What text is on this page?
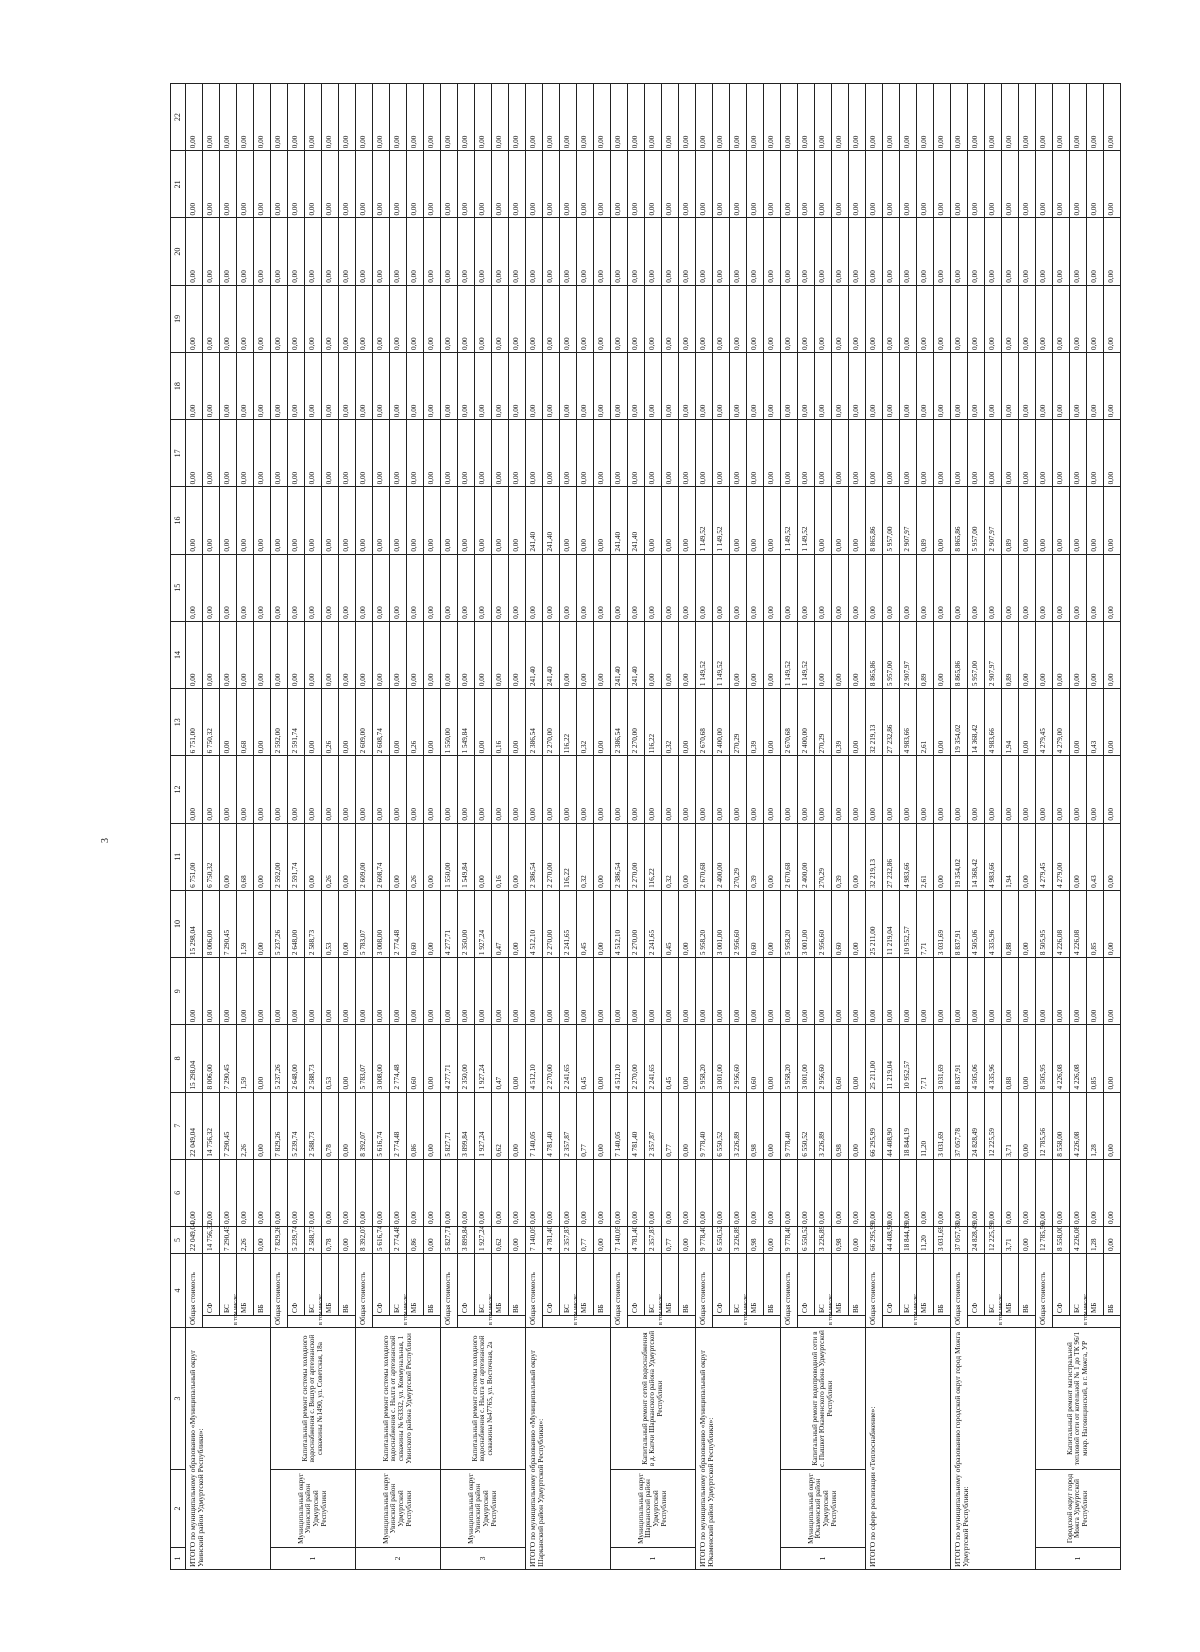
3
1	2	3	4		5	6	7	8	9	10	11	12	13	14	15	16	17	18	19	20	21	22
ИТОГО по муниципальному образованию «Муниципальный округ Увинский район Удмуртской Республики»:			Общая стоимость		22 049,04	0,00	22 049,04	15 298,04	0,00	15 298,04	6 751,00	0,00	6 751,00	0,00	0,00	0,00	0,00	0,00	0,00	0,00	0,00	0,00
			в том числе:	СФ	14 756,32	0,00	14 756,32	8 006,00	0,00	8 006,00	6 750,32	0,00	6 750,32	0,00	0,00	0,00	0,00	0,00	0,00	0,00	0,00	0,00
				БС	7 290,45	0,00	7 290,45	7 290,45	0,00	7 290,45	0,00	0,00	0,00	0,00	0,00	0,00	0,00	0,00	0,00	0,00	0,00	0,00
				МБ	2,26	0,00	2,26	1,59	0,00	1,59	0,68	0,00	0,68	0,00	0,00	0,00	0,00	0,00	0,00	0,00	0,00	0,00
				ВБ	0,00	0,00	0,00	0,00	0,00	0,00	0,00	0,00	0,00	0,00	0,00	0,00	0,00	0,00	0,00	0,00	0,00	0,00
1	Муниципальный округ Увинский район Удмуртской Республики	Капитальный ремонт системы холодного водоснабжения с. Вишур от артезианской скважины №1490, ул. Советская, 18а	Общая стоимость		7 829,26	0,00	7 829,26	5 237,26	0,00	5 237,26	2 592,00	0,00	2 592,00	0,00	0,00	0,00	0,00	0,00	0,00	0,00	0,00	0,00
			в том числе:	СФ	5 239,74	0,00	5 239,74	2 648,00	0,00	2 648,00	2 591,74	0,00	2 591,74	0,00	0,00	0,00	0,00	0,00	0,00	0,00	0,00	0,00
				БС	2 588,73	0,00	2 588,73	2 588,73	0,00	2 588,73	0,00	0,00	0,00	0,00	0,00	0,00	0,00	0,00	0,00	0,00	0,00	0,00
				МБ	0,78	0,00	0,78	0,53	0,00	0,53	0,26	0,00	0,26	0,00	0,00	0,00	0,00	0,00	0,00	0,00	0,00	0,00
				ВБ	0,00	0,00	0,00	0,00	0,00	0,00	0,00	0,00	0,00	0,00	0,00	0,00	0,00	0,00	0,00	0,00	0,00	0,00
2	Муниципальный округ Увинский район Удмуртской Республики	Капитальный ремонт системы холодного водоснабжения с. Нылга от артезианской скважины № 63332, ул. Коммунальная, 1 Увинского района Удмуртской Республики	Общая стоимость		8 392,07	0,00	8 392,07	5 783,07	0,00	5 783,07	2 609,00	0,00	2 609,00	0,00	0,00	0,00	0,00	0,00	0,00	0,00	0,00	0,00
			в том числе:	СФ	5 616,74	0,00	5 616,74	3 008,00	0,00	3 008,00	2 608,74	0,00	2 608,74	0,00	0,00	0,00	0,00	0,00	0,00	0,00	0,00	0,00
				БС	2 774,48	0,00	2 774,48	2 774,48	0,00	2 774,48	0,00	0,00	0,00	0,00	0,00	0,00	0,00	0,00	0,00	0,00	0,00	0,00
				МБ	0,86	0,00	0,86	0,60	0,00	0,60	0,26	0,00	0,26	0,00	0,00	0,00	0,00	0,00	0,00	0,00	0,00	0,00
				ВБ	0,00	0,00	0,00	0,00	0,00	0,00	0,00	0,00	0,00	0,00	0,00	0,00	0,00	0,00	0,00	0,00	0,00	0,00
3	Муниципальный округ Увинский район Удмуртской Республики	Капитальный ремонт системы холодного водоснабжения с. Нылга от артезианской скважины №47765, ул. Восточная, 2а	Общая стоимость		5 827,71	0,00	5 827,71	4 277,71	0,00	4 277,71	1 550,00	0,00	1 550,00	0,00	0,00	0,00	0,00	0,00	0,00	0,00	0,00	0,00
			в том числе:	СФ	3 899,84	0,00	3 899,84	2 350,00	0,00	2 350,00	1 549,84	0,00	1 549,84	0,00	0,00	0,00	0,00	0,00	0,00	0,00	0,00	0,00
				БС	1 927,24	0,00	1 927,24	1 927,24	0,00	1 927,24	0,00	0,00	0,00	0,00	0,00	0,00	0,00	0,00	0,00	0,00	0,00	0,00
				МБ	0,62	0,00	0,62	0,47	0,00	0,47	0,16	0,00	0,16	0,00	0,00	0,00	0,00	0,00	0,00	0,00	0,00	0,00
				ВБ	0,00	0,00	0,00	0,00	0,00	0,00	0,00	0,00	0,00	0,00	0,00	0,00	0,00	0,00	0,00	0,00	0,00	0,00
ИТОГО по муниципальному образованию «Муниципальный округ Шарканский район Удмуртской Республики»:			Общая стоимость		7 140,05	0,00	7 140,05	4 512,10	0,00	4 512,10	2 386,54	0,00	2 386,54	241,40	0,00	241,40	0,00	0,00	0,00	0,00	0,00	0,00
			в том числе:	СФ	4 781,40	0,00	4 781,40	2 270,00	0,00	2 270,00	2 270,00	0,00	2 270,00	241,40	0,00	241,40	0,00	0,00	0,00	0,00	0,00	0,00
				БС	2 357,87	0,00	2 357,87	2 241,65	0,00	2 241,65	116,22	0,00	116,22	0,00	0,00	0,00	0,00	0,00	0,00	0,00	0,00	0,00
				МБ	0,77	0,00	0,77	0,45	0,00	0,45	0,32	0,00	0,32	0,00	0,00	0,00	0,00	0,00	0,00	0,00	0,00	0,00
				ВБ	0,00	0,00	0,00	0,00	0,00	0,00	0,00	0,00	0,00	0,00	0,00	0,00	0,00	0,00	0,00	0,00	0,00	0,00
1	Муниципальный округ Шарканский район Удмуртской Республики	Капитальный ремонт сетей водоснабжения в д. Капчи Шарканского района Удмуртской Республики	Общая стоимость		7 140,05	0,00	7 140,05	4 512,10	0,00	4 512,10	2 386,54	0,00	2 386,54	241,40	0,00	241,40	0,00	0,00	0,00	0,00	0,00	0,00
			в том числе:	СФ	4 781,40	0,00	4 781,40	2 270,00	0,00	2 270,00	2 270,00	0,00	2 270,00	241,40	0,00	241,40	0,00	0,00	0,00	0,00	0,00	0,00
				БС	2 357,87	0,00	2 357,87	2 241,65	0,00	2 241,65	116,22	0,00	116,22	0,00	0,00	0,00	0,00	0,00	0,00	0,00	0,00	0,00
				МБ	0,77	0,00	0,77	0,45	0,00	0,45	0,32	0,00	0,32	0,00	0,00	0,00	0,00	0,00	0,00	0,00	0,00	0,00
				ВБ	0,00	0,00	0,00	0,00	0,00	0,00	0,00	0,00	0,00	0,00	0,00	0,00	0,00	0,00	0,00	0,00	0,00	0,00
ИТОГО по муниципальному образованию «Муниципальный округ Юкаменский район Удмуртской Республики»:			Общая стоимость		9 778,40	0,00	9 778,40	5 958,20	0,00	5 958,20	2 670,68	0,00	2 670,68	1 149,52	0,00	1 149,52	0,00	0,00	0,00	0,00	0,00	0,00
			в том числе:	СФ	6 550,52	0,00	6 550,52	3 001,00	0,00	3 001,00	2 400,00	0,00	2 400,00	1 149,52	0,00	1 149,52	0,00	0,00	0,00	0,00	0,00	0,00
				БС	3 226,89	0,00	3 226,89	2 956,60	0,00	2 956,60	270,29	0,00	270,29	0,00	0,00	0,00	0,00	0,00	0,00	0,00	0,00	0,00
				МБ	0,98	0,00	0,98	0,60	0,00	0,60	0,39	0,00	0,39	0,00	0,00	0,00	0,00	0,00	0,00	0,00	0,00	0,00
				ВБ	0,00	0,00	0,00	0,00	0,00	0,00	0,00	0,00	0,00	0,00	0,00	0,00	0,00	0,00	0,00	0,00	0,00	0,00
1	Муниципальный округ Юкаменский район Удмуртской Республики	Капитальный ремонт водопроводной сети в с. Пышкет Юкаменского района Удмуртской Республики	Общая стоимость		9 778,40	0,00	9 778,40	5 958,20	0,00	5 958,20	2 670,68	0,00	2 670,68	1 149,52	0,00	1 149,52	0,00	0,00	0,00	0,00	0,00	0,00
			в том числе:	СФ	6 550,52	0,00	6 550,52	3 001,00	0,00	3 001,00	2 400,00	0,00	2 400,00	1 149,52	0,00	1 149,52	0,00	0,00	0,00	0,00	0,00	0,00
				БС	3 226,89	0,00	3 226,89	2 956,60	0,00	2 956,60	270,29	0,00	270,29	0,00	0,00	0,00	0,00	0,00	0,00	0,00	0,00	0,00
				МБ	0,98	0,00	0,98	0,60	0,00	0,60	0,39	0,00	0,39	0,00	0,00	0,00	0,00	0,00	0,00	0,00	0,00	0,00
				ВБ	0,00	0,00	0,00	0,00	0,00	0,00	0,00	0,00	0,00	0,00	0,00	0,00	0,00	0,00	0,00	0,00	0,00	0,00
ИТОГО по сфере реализации «Теплоснабжение»:			Общая стоимость		66 295,99	0,00	66 295,99	25 211,00	0,00	25 211,00	32 219,13	0,00	32 219,13	8 865,86	0,00	8 865,86	0,00	0,00	0,00	0,00	0,00	0,00
			в том числе:	СФ	44 408,90	0,00	44 408,90	11 219,04	0,00	11 219,04	27 232,86	0,00	27 232,86	5 957,00	0,00	5 957,00	0,00	0,00	0,00	0,00	0,00	0,00
				БС	18 844,19	0,00	18 844,19	10 952,57	0,00	10 952,57	4 983,66	0,00	4 983,66	2 907,97	0,00	2 907,97	0,00	0,00	0,00	0,00	0,00	0,00
				МБ	11,20	0,00	11,20	7,71	0,00	7,71	2,61	0,00	2,61	0,89	0,00	0,89	0,00	0,00	0,00	0,00	0,00	0,00
				ВБ	3 031,69	0,00	3 031,69	3 031,69	0,00	3 031,69	0,00	0,00	0,00	0,00	0,00	0,00	0,00	0,00	0,00	0,00	0,00	0,00
ИТОГО по муниципальному образованию городской округ город Можга Удмуртской Республики:			Общая стоимость		37 057,78	0,00	37 057,78	8 837,91	0,00	8 837,91	19 354,02	0,00	19 354,02	8 865,86	0,00	8 865,86	0,00	0,00	0,00	0,00	0,00	0,00
			в том числе:	СФ	24 828,49	0,00	24 828,49	4 505,06	0,00	4 505,06	14 368,42	0,00	14 368,42	5 957,00	0,00	5 957,00	0,00	0,00	0,00	0,00	0,00	0,00
				БС	12 225,59	0,00	12 225,59	4 335,96	0,00	4 335,96	4 983,66	0,00	4 983,66	2 907,97	0,00	2 907,97	0,00	0,00	0,00	0,00	0,00	0,00
				МБ	3,71	0,00	3,71	0,88	0,00	0,88	1,94	0,00	1,94	0,89	0,00	0,89	0,00	0,00	0,00	0,00	0,00	0,00
				ВБ	0,00	0,00	0,00	0,00	0,00	0,00	0,00	0,00	0,00	0,00	0,00	0,00	0,00	0,00	0,00	0,00	0,00	0,00
1	Городской округ город Можга Удмуртской Республики	Капитальный ремонт магистральной тепловой сети от котельной № 1 до ТК 96/1 микр. Наговицинский, в г. Можга, УР	Общая стоимость		12 785,56	0,00	12 785,56	8 505,95	0,00	8 505,95	4 279,45	0,00	4 279,45	0,00	0,00	0,00	0,00	0,00	0,00	0,00	0,00	0,00
			в том числе:	СФ	8 558,00	0,00	8 558,00	4 226,08	0,00	4 226,08	4 279,00	0,00	4 279,00	0,00	0,00	0,00	0,00	0,00	0,00	0,00	0,00	0,00
				БС	4 226,08	0,00	4 226,08	4 226,08	0,00	4 226,08	0,00	0,00	0,00	0,00	0,00	0,00	0,00	0,00	0,00	0,00	0,00	0,00
				МБ	1,28	0,00	1,28	0,85	0,00	0,85	0,43	0,00	0,43	0,00	0,00	0,00	0,00	0,00	0,00	0,00	0,00	0,00
				ВБ	0,00	0,00	0,00	0,00	0,00	0,00	0,00	0,00	0,00	0,00	0,00	0,00	0,00	0,00	0,00	0,00	0,00	0,00
